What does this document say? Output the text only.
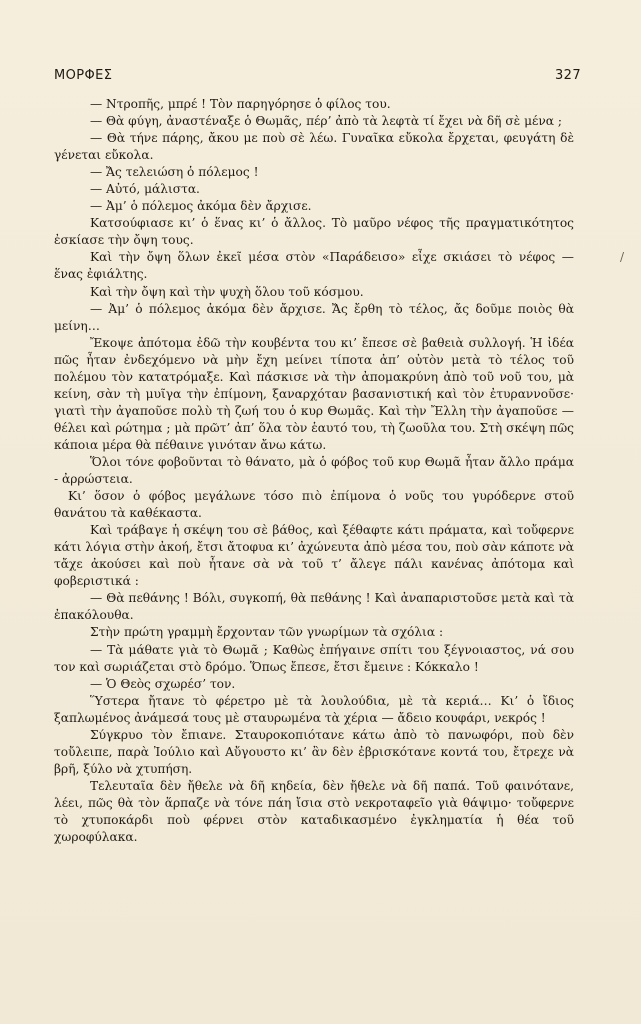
ΜΟΡΦΕΣ	327
/

— Ντροπῆς, μπρέ ! Τὸν παρηγόρησε ὁ φίλος του.

— Θὰ φύγη, ἀναστέναξε ὁ Θωμᾶς, πέρ’ ἀπὸ τὰ λεφτὰ τί ἔχει νὰ δῆ σὲ μένα ;

— Θὰ τήνε πάρης, ἄκου με ποὺ σὲ λέω. Γυναῖκα εὔκολα ἔρχεται, φευγάτη δὲ γένεται εὔκολα.

— Ἄς τελειώση ὁ πόλεμος !

— Αὐτό, μάλιστα.

— Ἀμ’ ὁ πόλεμος ἀκόμα δὲν ἄρχισε.

Κατσούφιασε κι’ ὁ ἕνας κι’ ὁ ἄλλος. Τὸ μαῦρο νέφος τῆς πραγματικότητος ἐσκίασε τὴν ὄψη τους.

Καὶ τὴν ὄψη ὅλων ἐκεῖ μέσα στὸν «Παράδεισο» εἶχε σκιάσει τὸ νέφος — ἕνας ἐφιάλτης.

Καὶ τὴν ὄψη καὶ τὴν ψυχὴ ὅλου τοῦ κόσμου.

— Ἀμ’ ὁ πόλεμος ἀκόμα δὲν ἄρχισε. Ἄς ἔρθη τὸ τέλος, ἄς δοῦμε ποιὸς θὰ μείνη…

Ἔκοψε ἀπότομα ἐδῶ τὴν κουβέντα του κι’ ἔπεσε σὲ βαθειὰ συλλογή. Ἡ ἰδέα πῶς ἦταν ἐνδεχόμενο νὰ μὴν ἔχη μείνει τίποτα ἀπ’ οὐτὸν μετὰ τὸ τέλος τοῦ πολέμου τὸν κατατρόμαξε. Καὶ πάσκισε νὰ τὴν ἀπομακρύνη ἀπὸ τοῦ νοῦ του, μὰ κείνη, σὰν τὴ μυῖγα τὴν ἐπίμονη, ξαναρχόταν βασανιστική καὶ τὸν ἐτυραννοῦσε· γιατὶ τὴν ἀγαποῦσε πολὺ τὴ ζωή του ὁ κυρ Θωμᾶς. Καὶ τὴν Ἔλλη τὴν ἀγαποῦσε — θέλει καὶ ρώτημα ; μὰ πρῶτ’ ἀπ’ ὅλα τὸν ἑαυτό του, τὴ ζωοῦλα του. Στὴ σκέψη πῶς κάποια μέρα θὰ πέθαινε γινόταν ἄνω κάτω.

Ὅλοι τόνε φοβοῦνται τὸ θάνατο, μὰ ὁ φόβος τοῦ κυρ Θωμᾶ ἦταν ἄλλο πράμα - ἀρρώστεια.

Κι’ ὅσον ὁ φόβος μεγάλωνε τόσο πιὸ ἐπίμονα ὁ νοῦς του γυρόδερνε στοῦ θανάτου τὰ καθέκαστα.

Καὶ τράβαγε ἡ σκέψη του σὲ βάθος, καὶ ξέθαφτε κάτι πράματα, καὶ τοὔφερνε κάτι λόγια στὴν ἀκοή, ἔτσι ἄτοφυα κι’ ἀχώνευτα ἀπὸ μέσα του, ποὺ σὰν κάποτε νὰ τἄχε ἀκούσει καὶ ποὺ ἦτανε σὰ νὰ τοῦ τ’ ἄλεγε πάλι κανένας ἀπότομα καὶ φοβεριστικά :

— Θὰ πεθάνης ! Βόλι, συγκοπή, θὰ πεθάνης ! Καὶ ἀναπαριστοῦσε μετὰ καὶ τὰ ἐπακόλουθα.

Στὴν πρώτη γραμμὴ ἔρχονταν τῶν γνωρίμων τὰ σχόλια :

— Τὰ μάθατε γιὰ τὸ Θωμᾶ ; Καθὼς ἐπήγαινε σπίτι του ξέγνοιαστος, νά σου τον καὶ σωριάζεται στὸ δρόμο. Ὅπως ἔπεσε, ἔτσι ἔμεινε : Κόκκαλο !

— Ὁ Θεὸς σχωρέσ’ τον.

Ὕστερα ἤτανε τὸ φέρετρο μὲ τὰ λουλούδια, μὲ τὰ κεριά… Κι’ ὁ ἴδιος ξαπλωμένος ἀνάμεσά τους μὲ σταυρωμένα τὰ χέρια — ἄδειο κουφάρι, νεκρός !

Σύγκρυο τὸν ἔπιανε. Σταυροκοπιότανε κάτω ἀπὸ τὸ πανωφόρι, ποὺ δὲν τοὔλειπε, παρὰ Ἰούλιο καὶ Αὔγουστο κι’ ἂν δὲν ἐβρισκότανε κοντά του, ἔτρεχε νὰ βρῆ, ξύλο νὰ χτυπήση.

Τελευταῖα δὲν ἤθελε νὰ δῆ κηδεία, δὲν ἤθελε νὰ δῆ παπά. Τοῦ φαινότανε, λέει, πῶς θὰ τὸν ἅρπαζε νὰ τόνε πάη ἴσια στὸ νεκροταφεῖο γιὰ θάψιμο· τοὔφερνε τὸ χτυποκάρδι ποὺ φέρνει στὸν καταδικασμένο ἐγκληματία ἡ θέα τοῦ χωροφύλακα.
